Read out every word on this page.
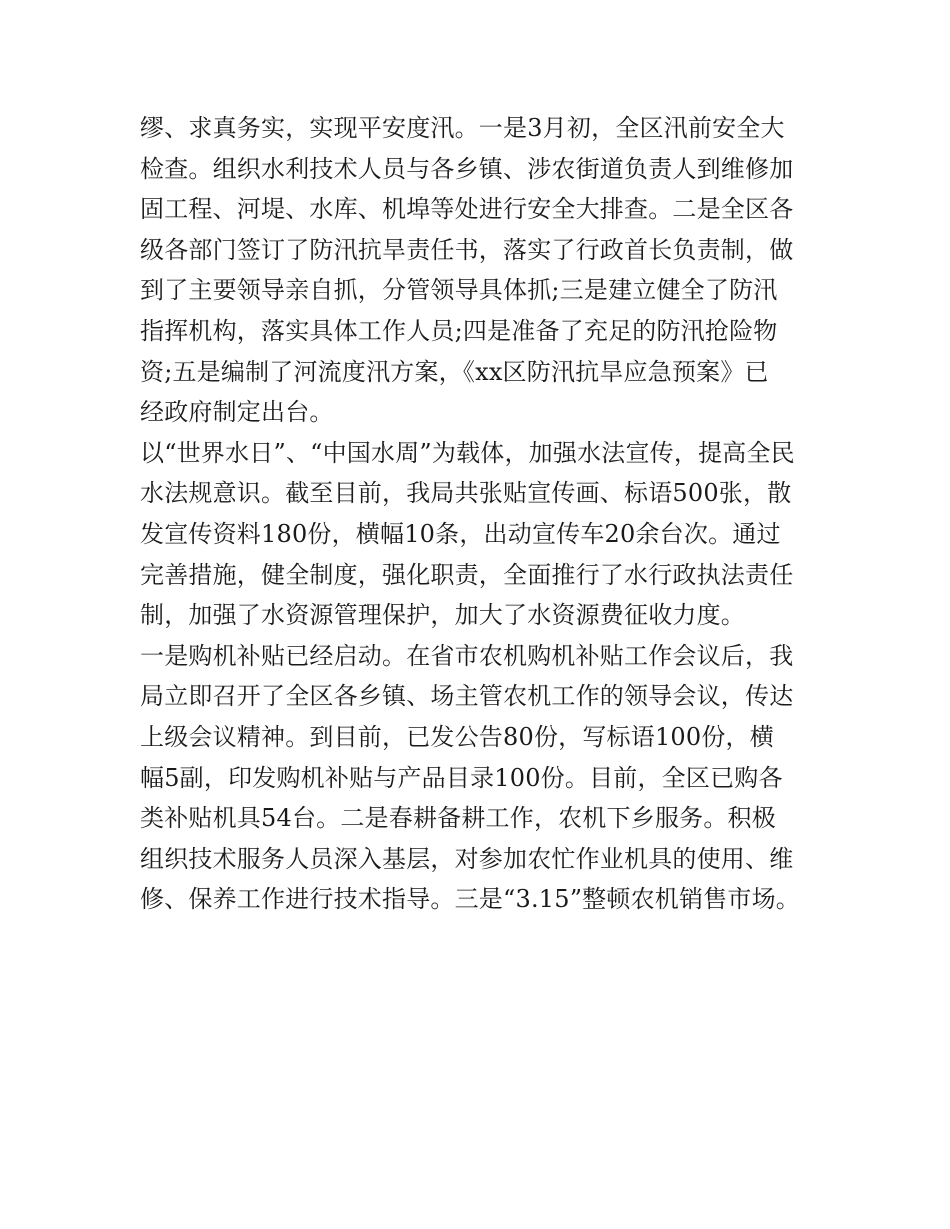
缪、求真务实，实现平安度汛。一是3月初，全区汛前安全大
检查。组织水利技术人员与各乡镇、涉农街道负责人到维修加
固工程、河堤、水库、机埠等处进行安全大排查。二是全区各
级各部门签订了防汛抗旱责任书，落实了行政首长负责制，做
到了主要领导亲自抓，分管领导具体抓;三是建立健全了防汛
指挥机构，落实具体工作人员;四是准备了充足的防汛抢险物
资;五是编制了河流度汛方案，《xx区防汛抗旱应急预案》已
经政府制定出台。
以“世界水日”、“中国水周”为载体，加强水法宣传，提高全民
水法规意识。截至目前，我局共张贴宣传画、标语500张，散
发宣传资料180份，横幅10条，出动宣传车20余台次。通过
完善措施，健全制度，强化职责，全面推行了水行政执法责任
制，加强了水资源管理保护，加大了水资源费征收力度。
一是购机补贴已经启动。在省市农机购机补贴工作会议后，我
局立即召开了全区各乡镇、场主管农机工作的领导会议，传达
上级会议精神。到目前，已发公告80份，写标语100份，横
幅5副，印发购机补贴与产品目录100份。目前，全区已购各
类补贴机具54台。二是春耕备耕工作，农机下乡服务。积极
组织技术服务人员深入基层，对参加农忙作业机具的使用、维
修、保养工作进行技术指导。三是“3.15”整顿农机销售市场。
